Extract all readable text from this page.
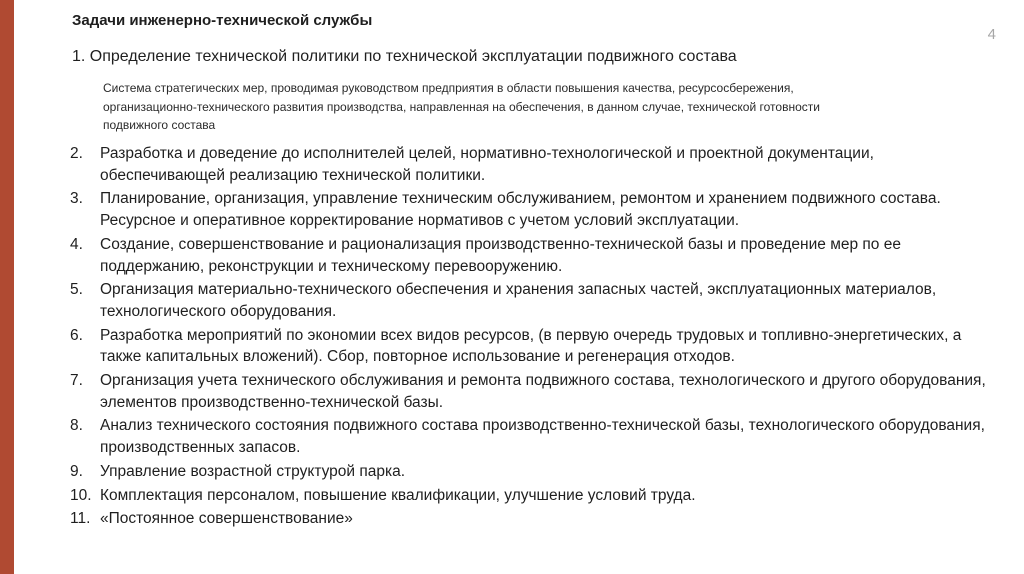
4
Задачи инженерно-технической службы
1. Определение технической политики по технической эксплуатации подвижного состава
Система стратегических мер, проводимая руководством предприятия в области повышения качества, ресурсосбережения, организационно-технического развития производства, направленная на обеспечения, в данном случае, технической готовности подвижного состава
2.	Разработка и доведение до исполнителей целей, нормативно-технологической и проектной документации, обеспечивающей реализацию технической политики.
3.	Планирование, организация, управление техническим обслуживанием, ремонтом и хранением подвижного состава. Ресурсное и оперативное корректирование нормативов с учетом условий эксплуатации.
4.	Создание, совершенствование и рационализация производственно-технической базы и проведение мер по ее поддержанию, реконструкции и техническому перевооружению.
5.	Организация материально-технического обеспечения и хранения запасных частей, эксплуатационных материалов, технологического оборудования.
6.	Разработка мероприятий по экономии всех видов ресурсов, (в первую очередь трудовых и топливно-энергетических, а также капитальных вложений). Сбор, повторное использование и регенерация отходов.
7.	Организация учета технического обслуживания и ремонта подвижного состава, технологического и другого оборудования, элементов производственно-технической базы.
8.	Анализ технического состояния подвижного состава производственно-технической базы, технологического оборудования, производственных запасов.
9.	Управление возрастной структурой парка.
10. Комплектация персоналом, повышение квалификации, улучшение условий труда.
11. «Постоянное совершенствование»
